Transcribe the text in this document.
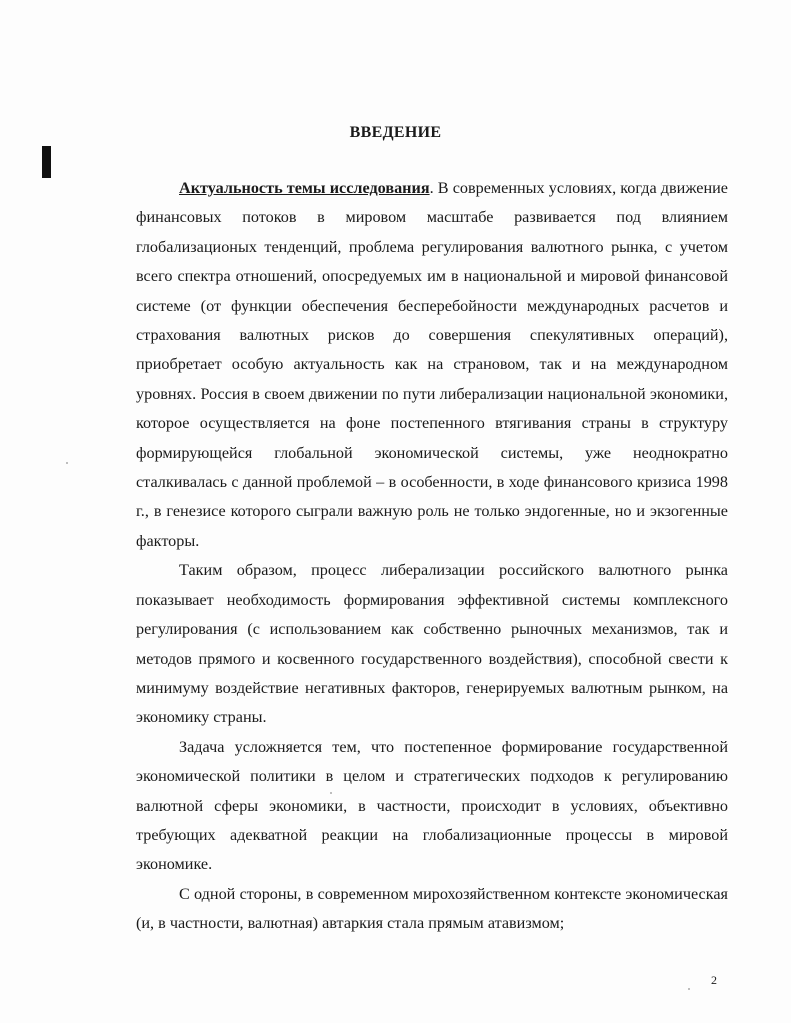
ВВЕДЕНИЕ

Актуальность темы исследования. В современных условиях, когда движение финансовых потоков в мировом масштабе развивается под влиянием глобализационых тенденций, проблема регулирования валютного рынка, с учетом всего спектра отношений, опосредуемых им в национальной и мировой финансовой системе (от функции обеспечения бесперебойности международных расчетов и страхования валютных рисков до совершения спекулятивных операций), приобретает особую актуальность как на страновом, так и на международном уровнях. Россия в своем движении по пути либерализации национальной экономики, которое осуществляется на фоне постепенного втягивания страны в структуру формирующейся глобальной экономической системы, уже неоднократно сталкивалась с данной проблемой – в особенности, в ходе финансового кризиса 1998 г., в генезисе которого сыграли важную роль не только эндогенные, но и экзогенные факторы.

Таким образом, процесс либерализации российского валютного рынка показывает необходимость формирования эффективной системы комплексного регулирования (с использованием как собственно рыночных механизмов, так и методов прямого и косвенного государственного воздействия), способной свести к минимуму воздействие негативных факторов, генерируемых валютным рынком, на экономику страны.

Задача усложняется тем, что постепенное формирование государственной экономической политики в целом и стратегических подходов к регулированию валютной сферы экономики, в частности, происходит в условиях, объективно требующих адекватной реакции на глобализационные процессы в мировой экономике.

С одной стороны, в современном мирохозяйственном контексте экономическая (и, в частности, валютная) автаркия стала прямым атавизмом;

2
